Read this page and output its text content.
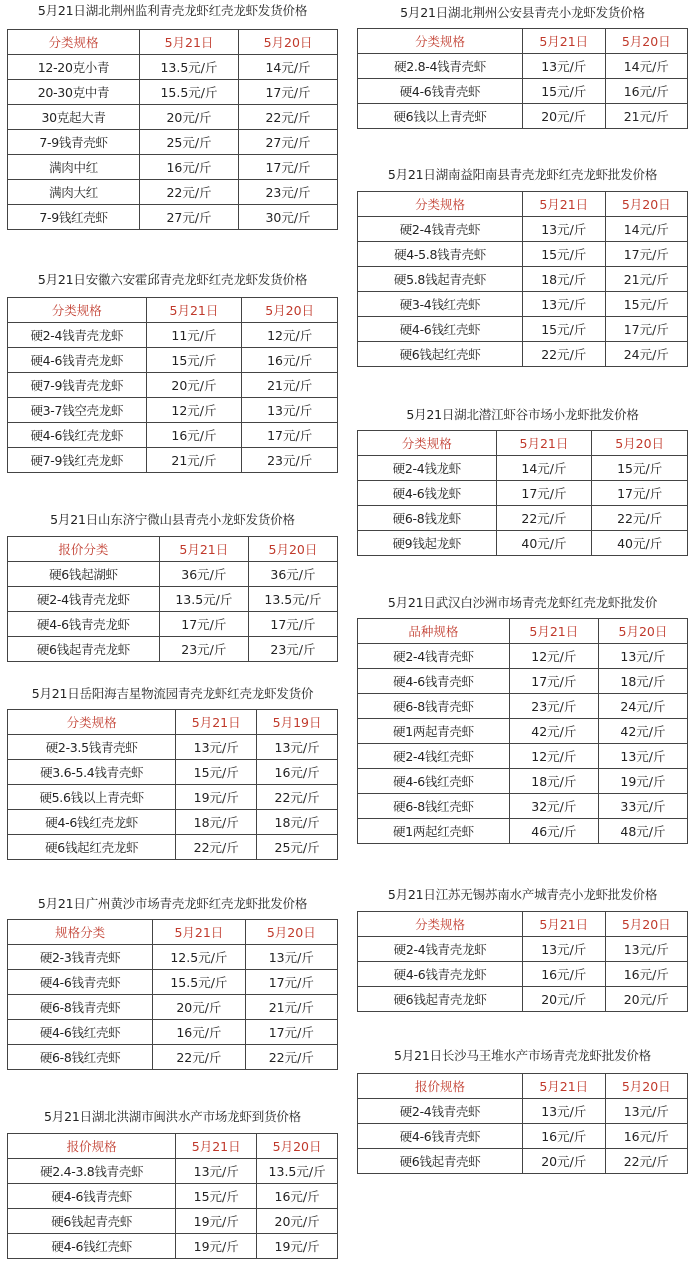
5月21日湖北荆州监利青壳龙虾红壳龙虾发货价格
分类规格	5月21日	5月20日
12-20克小青	13.5元/斤	14元/斤
20-30克中青	15.5元/斤	17元/斤
30克起大青	20元/斤	22元/斤
7-9钱青壳虾	25元/斤	27元/斤
满肉中红	16元/斤	17元/斤
满肉大红	22元/斤	23元/斤
7-9钱红壳虾	27元/斤	30元/斤
5月21日安徽六安霍邱青壳龙虾红壳龙虾发货价格
分类规格	5月21日	5月20日
硬2-4钱青壳龙虾	11元/斤	12元/斤
硬4-6钱青壳龙虾	15元/斤	16元/斤
硬7-9钱青壳龙虾	20元/斤	21元/斤
硬3-7钱空壳龙虾	12元/斤	13元/斤
硬4-6钱红壳龙虾	16元/斤	17元/斤
硬7-9钱红壳龙虾	21元/斤	23元/斤
5月21日山东济宁微山县青壳小龙虾发货价格
报价分类	5月21日	5月20日
硬6钱起湖虾	36元/斤	36元/斤
硬2-4钱青壳龙虾	13.5元/斤	13.5元/斤
硬4-6钱青壳龙虾	17元/斤	17元/斤
硬6钱起青壳龙虾	23元/斤	23元/斤
5月21日岳阳海吉星物流园青壳龙虾红壳龙虾发货价
分类规格	5月21日	5月19日
硬2-3.5钱青壳虾	13元/斤	13元/斤
硬3.6-5.4钱青壳虾	15元/斤	16元/斤
硬5.6钱以上青壳虾	19元/斤	22元/斤
硬4-6钱红壳龙虾	18元/斤	18元/斤
硬6钱起红壳龙虾	22元/斤	25元/斤
5月21日广州黄沙市场青壳龙虾红壳龙虾批发价格
规格分类	5月21日	5月20日
硬2-3钱青壳虾	12.5元/斤	13元/斤
硬4-6钱青壳虾	15.5元/斤	17元/斤
硬6-8钱青壳虾	20元/斤	21元/斤
硬4-6钱红壳虾	16元/斤	17元/斤
硬6-8钱红壳虾	22元/斤	22元/斤
5月21日湖北洪湖市闽洪水产市场龙虾到货价格
报价规格	5月21日	5月20日
硬2.4-3.8钱青壳虾	13元/斤	13.5元/斤
硬4-6钱青壳虾	15元/斤	16元/斤
硬6钱起青壳虾	19元/斤	20元/斤
硬4-6钱红壳虾	19元/斤	19元/斤
5月21日湖北荆州公安县青壳小龙虾发货价格
分类规格	5月21日	5月20日
硬2.8-4钱青壳虾	13元/斤	14元/斤
硬4-6钱青壳虾	15元/斤	16元/斤
硬6钱以上青壳虾	20元/斤	21元/斤
5月21日湖南益阳南县青壳龙虾红壳龙虾批发价格
分类规格	5月21日	5月20日
硬2-4钱青壳虾	13元/斤	14元/斤
硬4-5.8钱青壳虾	15元/斤	17元/斤
硬5.8钱起青壳虾	18元/斤	21元/斤
硬3-4钱红壳虾	13元/斤	15元/斤
硬4-6钱红壳虾	15元/斤	17元/斤
硬6钱起红壳虾	22元/斤	24元/斤
5月21日湖北潜江虾谷市场小龙虾批发价格
分类规格	5月21日	5月20日
硬2-4钱龙虾	14元/斤	15元/斤
硬4-6钱龙虾	17元/斤	17元/斤
硬6-8钱龙虾	22元/斤	22元/斤
硬9钱起龙虾	40元/斤	40元/斤
5月21日武汉白沙洲市场青壳龙虾红壳龙虾批发价
品种规格	5月21日	5月20日
硬2-4钱青壳虾	12元/斤	13元/斤
硬4-6钱青壳虾	17元/斤	18元/斤
硬6-8钱青壳虾	23元/斤	24元/斤
硬1两起青壳虾	42元/斤	42元/斤
硬2-4钱红壳虾	12元/斤	13元/斤
硬4-6钱红壳虾	18元/斤	19元/斤
硬6-8钱红壳虾	32元/斤	33元/斤
硬1两起红壳虾	46元/斤	48元/斤
5月21日江苏无锡苏南水产城青壳小龙虾批发价格
分类规格	5月21日	5月20日
硬2-4钱青壳龙虾	13元/斤	13元/斤
硬4-6钱青壳龙虾	16元/斤	16元/斤
硬6钱起青壳龙虾	20元/斤	20元/斤
5月21日长沙马王堆水产市场青壳龙虾批发价格
报价规格	5月21日	5月20日
硬2-4钱青壳虾	13元/斤	13元/斤
硬4-6钱青壳虾	16元/斤	16元/斤
硬6钱起青壳虾	20元/斤	22元/斤
